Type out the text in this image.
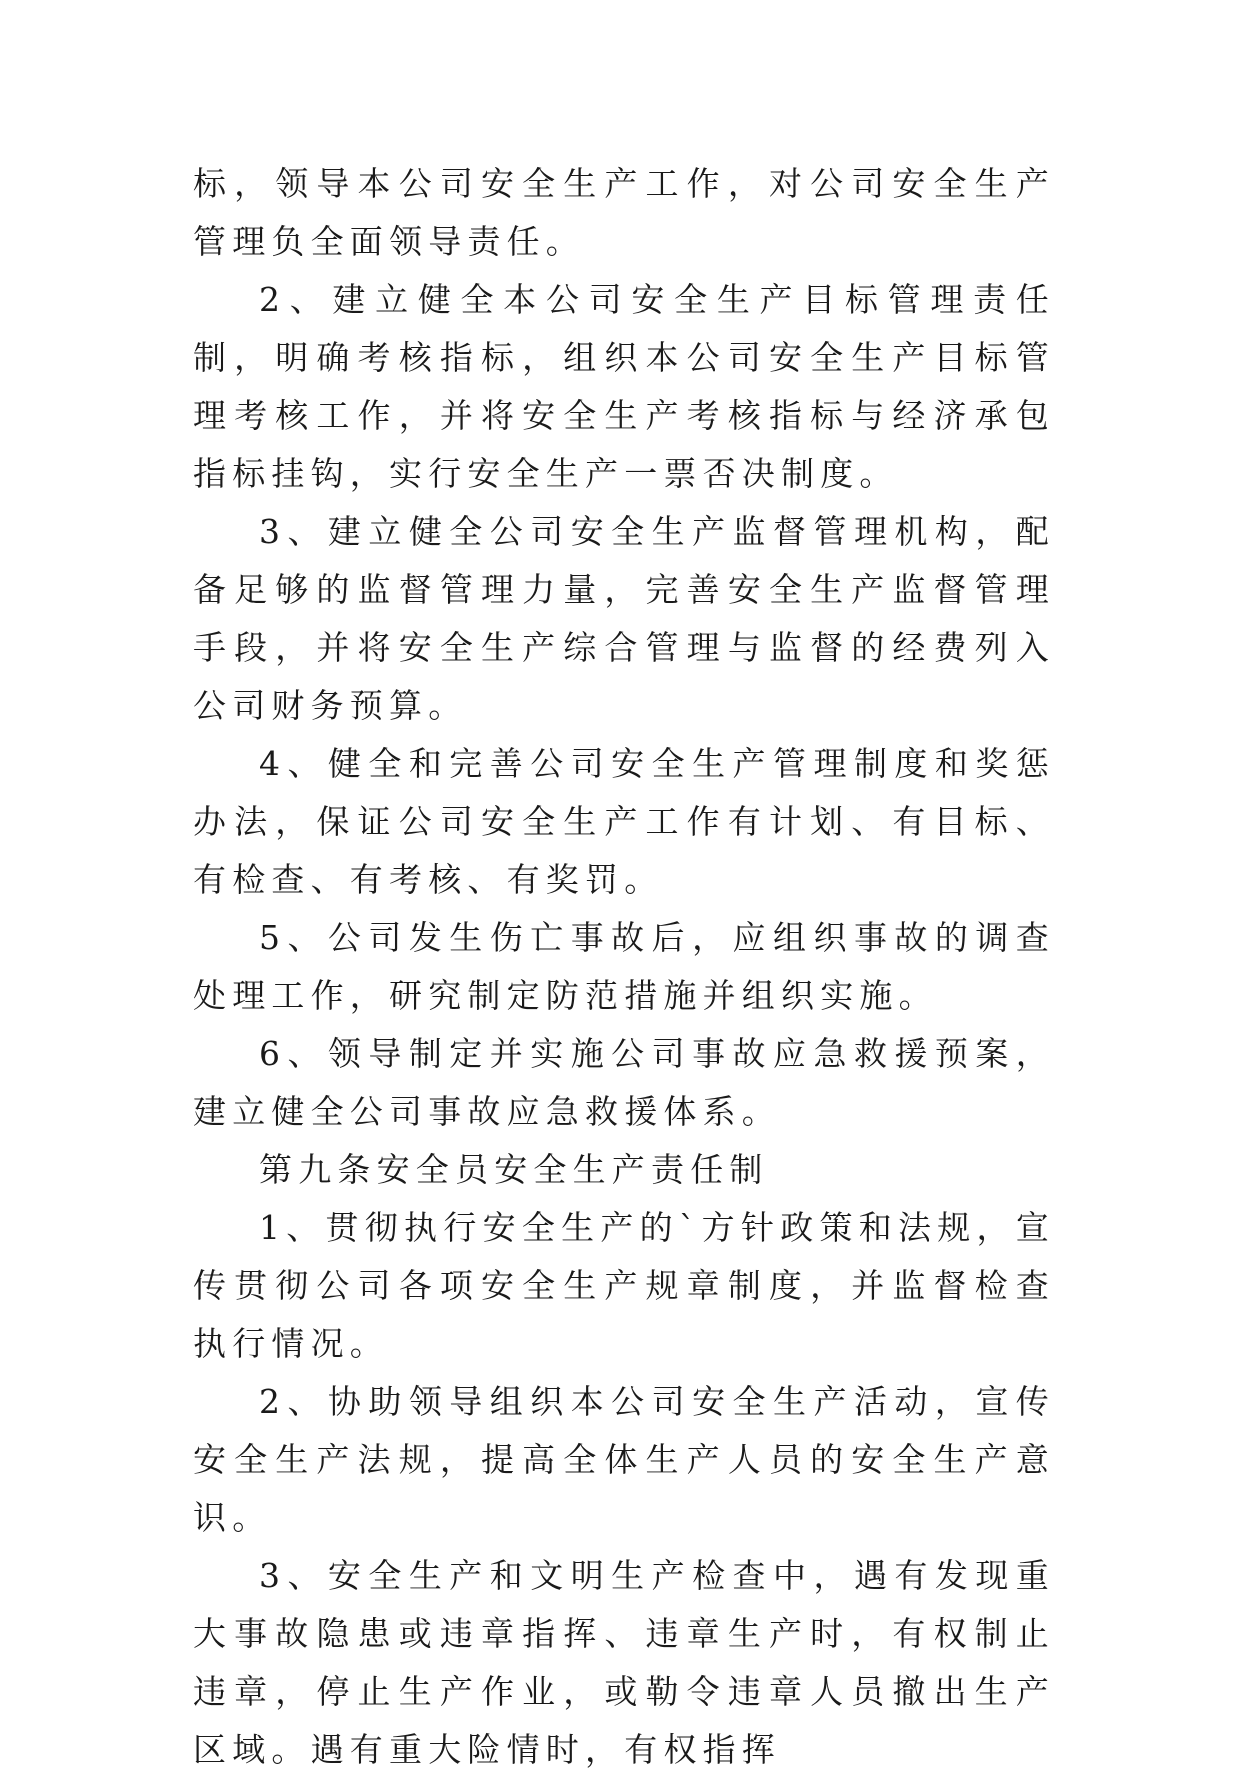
标，领导本公司安全生产工作，对公司安全生产管理负全面领导责任。

2、建立健全本公司安全生产目标管理责任制，明确考核指标，组织本公司安全生产目标管理考核工作，并将安全生产考核指标与经济承包指标挂钩，实行安全生产一票否决制度。

3、建立健全公司安全生产监督管理机构，配备足够的监督管理力量，完善安全生产监督管理手段，并将安全生产综合管理与监督的经费列入公司财务预算。

4、健全和完善公司安全生产管理制度和奖惩办法，保证公司安全生产工作有计划、有目标、有检查、有考核、有奖罚。

5、公司发生伤亡事故后，应组织事故的调查处理工作，研究制定防范措施并组织实施。

6、领导制定并实施公司事故应急救援预案，建立健全公司事故应急救援体系。

第九条安全员安全生产责任制

1、贯彻执行安全生产的`方针政策和法规，宣传贯彻公司各项安全生产规章制度，并监督检查执行情况。

2、协助领导组织本公司安全生产活动，宣传安全生产法规，提高全体生产人员的安全生产意识。

3、安全生产和文明生产检查中，遇有发现重大事故隐患或违章指挥、违章生产时，有权制止违章，停止生产作业，或勒令违章人员撤出生产区域。遇有重大险情时，有权指挥
